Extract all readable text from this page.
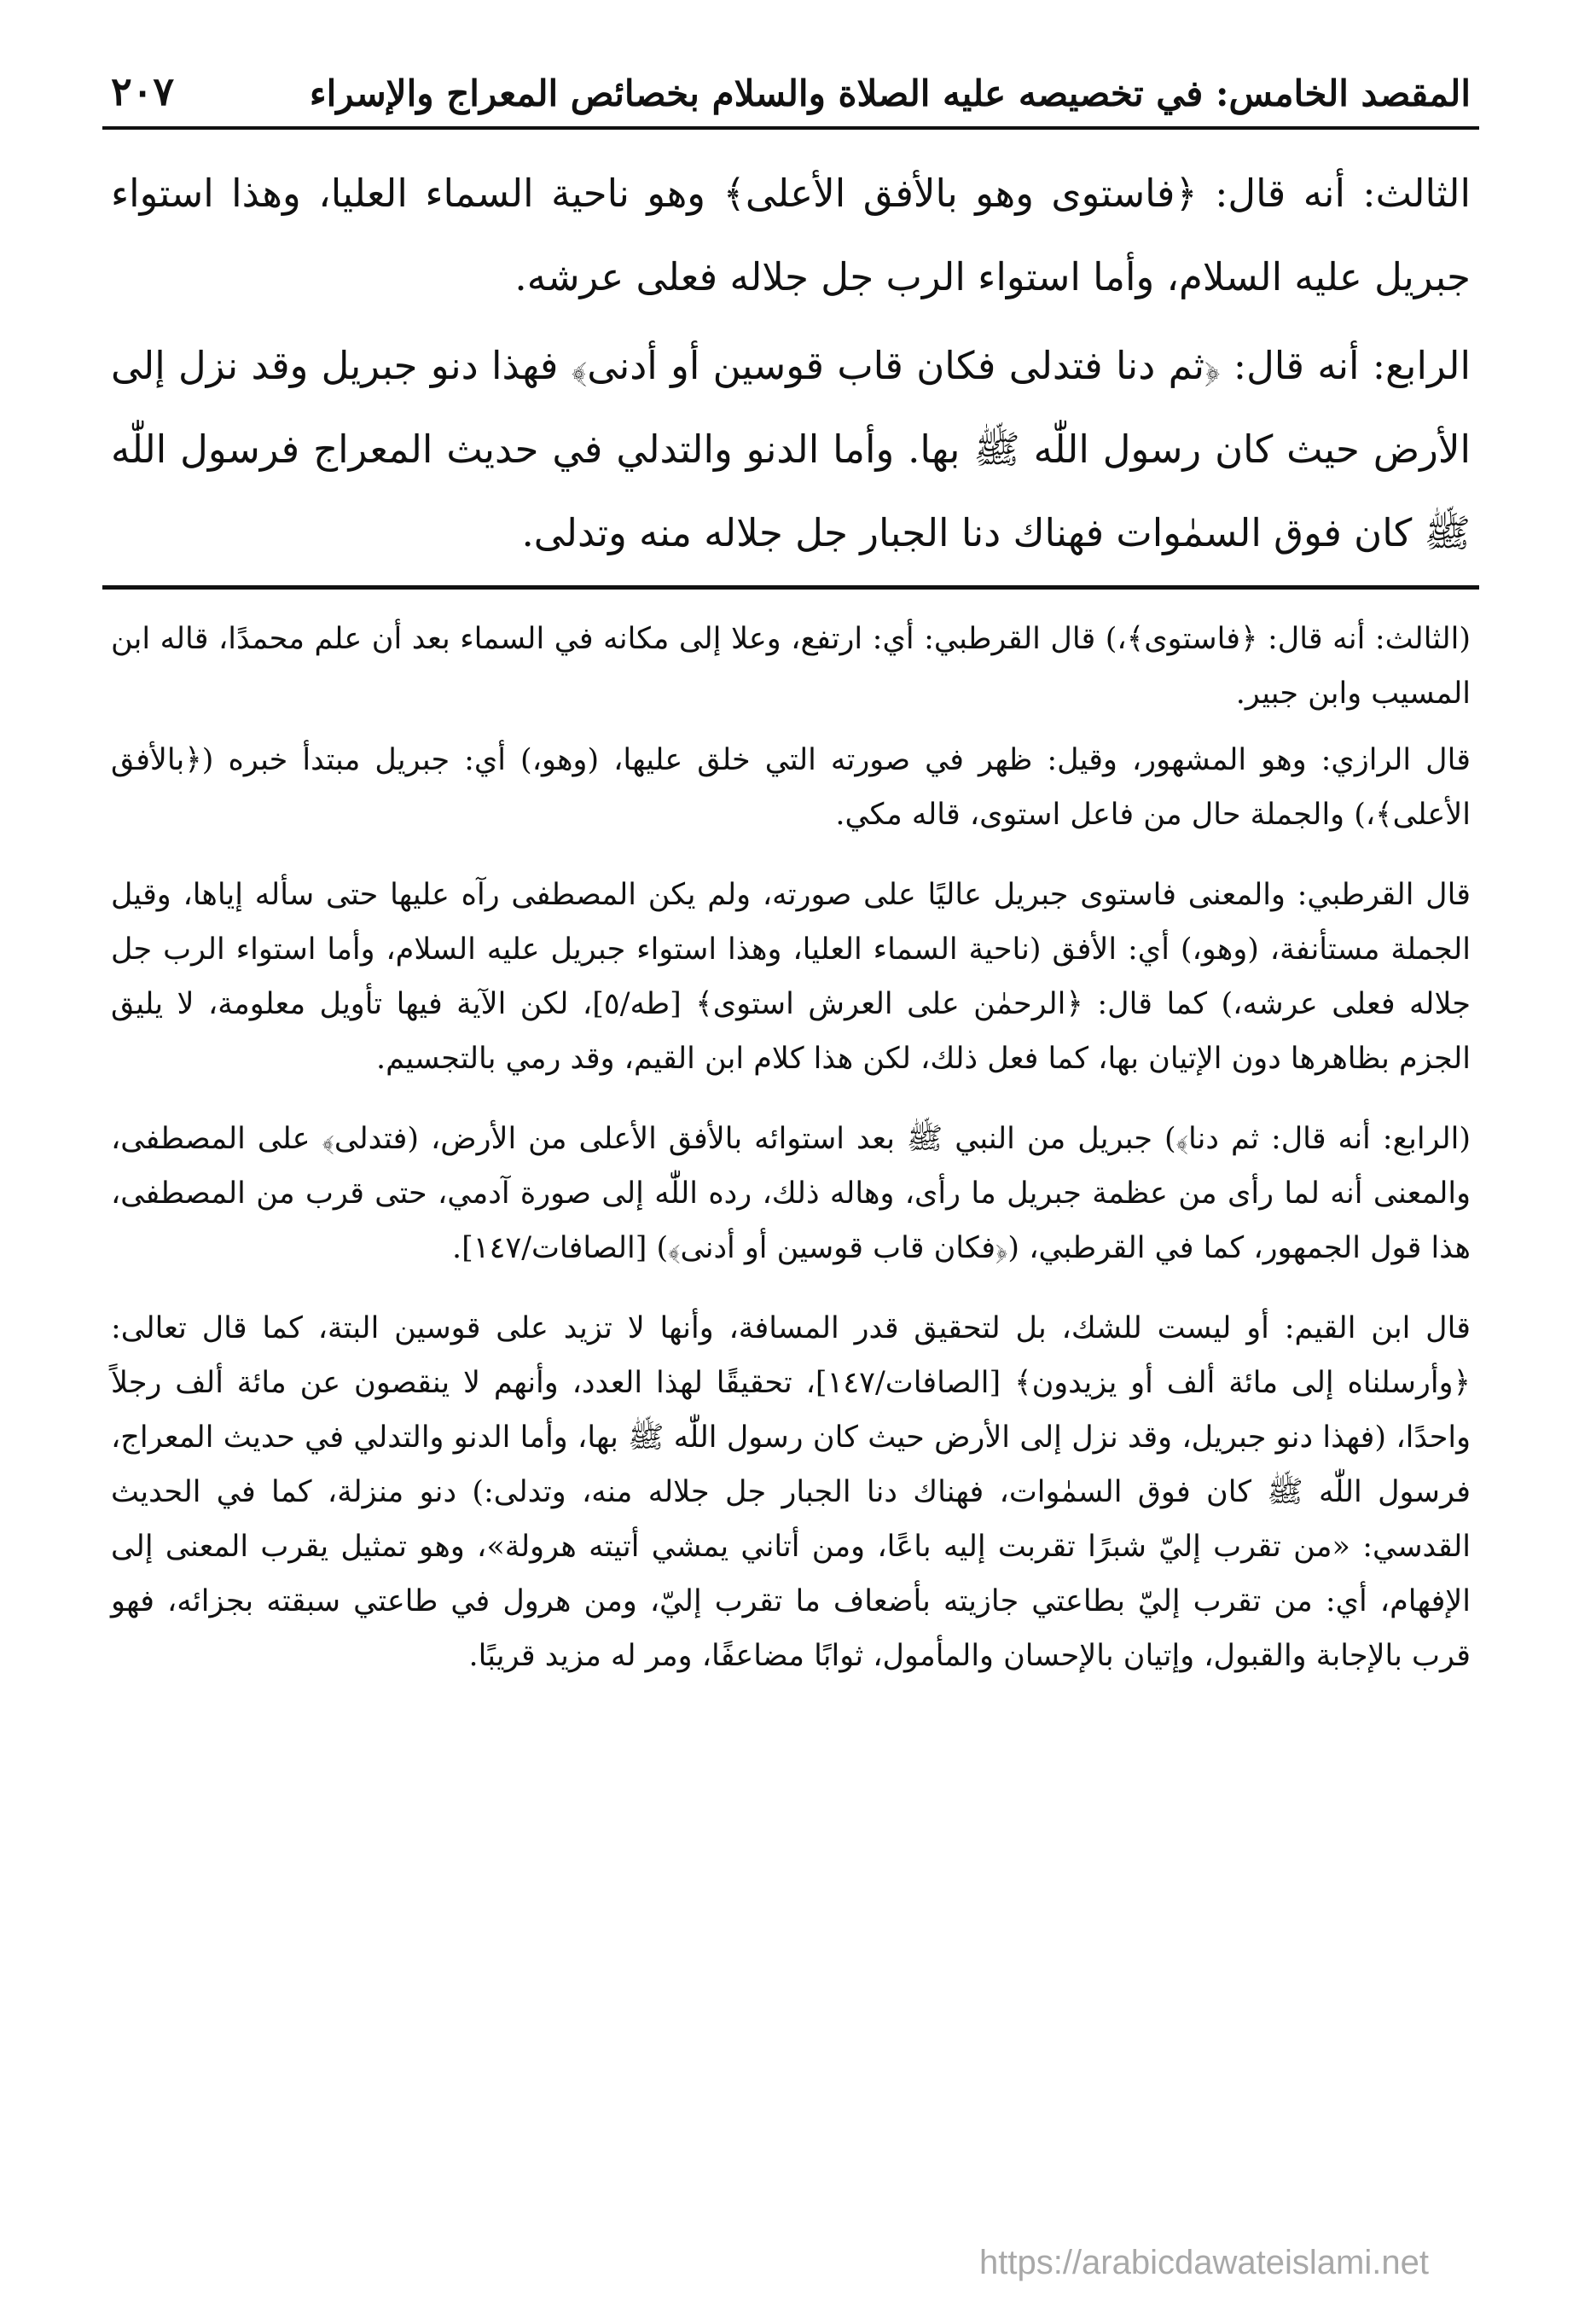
المقصد الخامس: في تخصيصه عليه الصلاة والسلام بخصائص المعراج والإسراء
٢٠٧

الثالث: أنه قال: ﴿فاستوى وهو بالأفق الأعلى﴾ وهو ناحية السماء العليا، وهذا استواء جبريل عليه السلام، وأما استواء الرب جل جلاله فعلى عرشه.

الرابع: أنه قال: ﴿ثم دنا فتدلى فكان قاب قوسين أو أدنى﴾ فهذا دنو جبريل وقد نزل إلى الأرض حيث كان رسول اللّٰه ﷺ بها. وأما الدنو والتدلي في حديث المعراج فرسول اللّٰه ﷺ كان فوق السمٰوات فهناك دنا الجبار جل جلاله منه وتدلى.

(الثالث: أنه قال: ﴿فاستوى﴾،) قال القرطبي: أي: ارتفع، وعلا إلى مكانه في السماء بعد أن علم محمدًا، قاله ابن المسيب وابن جبير.

قال الرازي: وهو المشهور، وقيل: ظهر في صورته التي خلق عليها، (وهو،) أي: جبريل مبتدأ خبره (﴿بالأفق الأعلى﴾،) والجملة حال من فاعل استوى، قاله مكي.

قال القرطبي: والمعنى فاستوى جبريل عاليًا على صورته، ولم يكن المصطفى رآه عليها حتى سأله إياها، وقيل الجملة مستأنفة، (وهو،) أي: الأفق (ناحية السماء العليا، وهذا استواء جبريل عليه السلام، وأما استواء الرب جل جلاله فعلى عرشه،) كما قال: ﴿الرحمٰن على العرش استوى﴾ [طه/٥]، لكن الآية فيها تأويل معلومة، لا يليق الجزم بظاهرها دون الإتيان بها، كما فعل ذلك، لكن هذا كلام ابن القيم، وقد رمي بالتجسيم.

(الرابع: أنه قال: ثم دنا﴾) جبريل من النبي ﷺ بعد استوائه بالأفق الأعلى من الأرض، (فتدلى﴾ على المصطفى، والمعنى أنه لما رأى من عظمة جبريل ما رأى، وهاله ذلك، رده اللّٰه إلى صورة آدمي، حتى قرب من المصطفى، هذا قول الجمهور، كما في القرطبي، (﴿فكان قاب قوسين أو أدنى﴾) [الصافات/١٤٧].

قال ابن القيم: أو ليست للشك، بل لتحقيق قدر المسافة، وأنها لا تزيد على قوسين البتة، كما قال تعالى: ﴿وأرسلناه إلى مائة ألف أو يزيدون﴾ [الصافات/١٤٧]، تحقيقًا لهذا العدد، وأنهم لا ينقصون عن مائة ألف رجلاً واحدًا، (فهذا دنو جبريل، وقد نزل إلى الأرض حيث كان رسول اللّٰه ﷺ بها، وأما الدنو والتدلي في حديث المعراج، فرسول اللّٰه ﷺ كان فوق السمٰوات، فهناك دنا الجبار جل جلاله منه، وتدلى:) دنو منزلة، كما في الحديث القدسي: «من تقرب إليّ شبرًا تقربت إليه باعًا، ومن أتاني يمشي أتيته هرولة»، وهو تمثيل يقرب المعنى إلى الإفهام، أي: من تقرب إليّ بطاعتي جازيته بأضعاف ما تقرب إليّ، ومن هرول في طاعتي سبقته بجزائه، فهو قرب بالإجابة والقبول، وإتيان بالإحسان والمأمول، ثوابًا مضاعفًا، ومر له مزيد قريبًا.

https://arabicdawateislami.net
